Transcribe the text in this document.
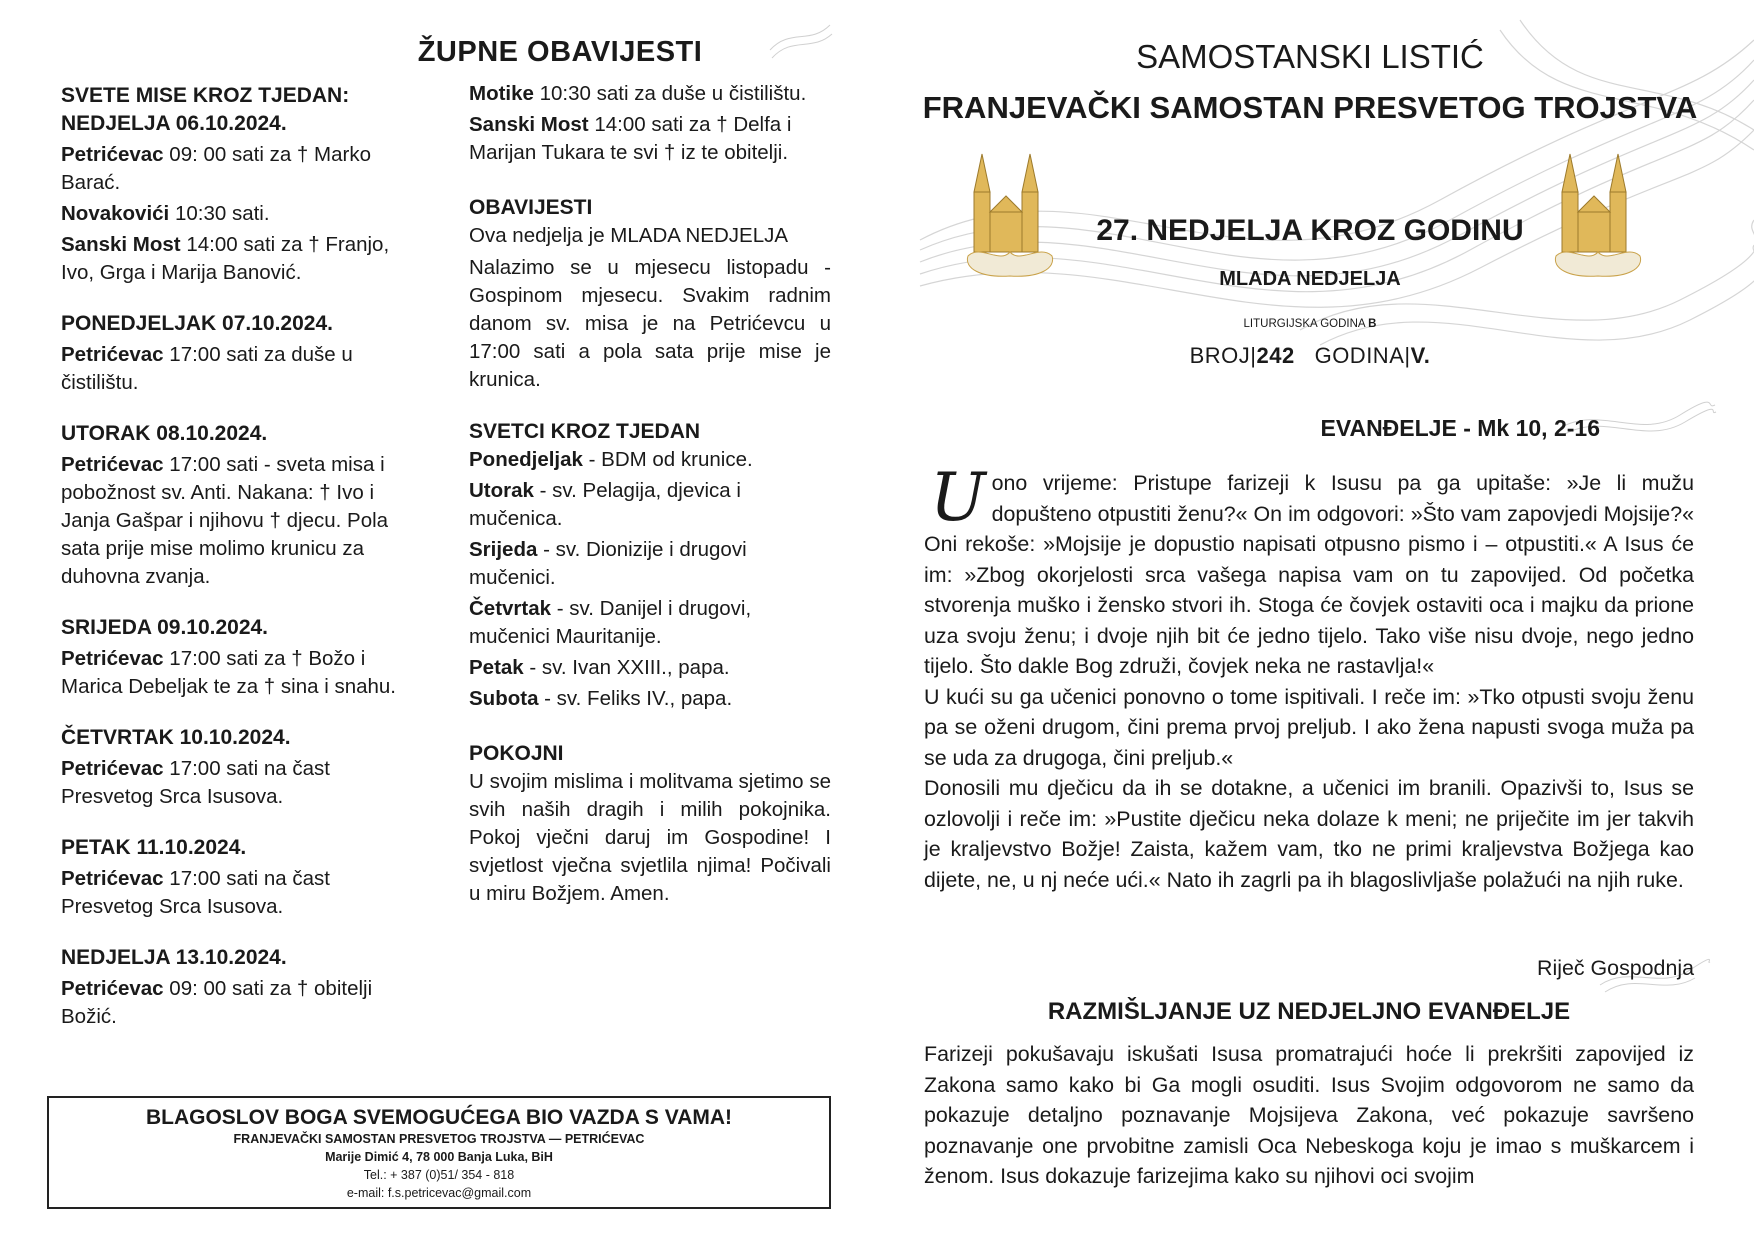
ŽUPNE OBAVIJESTI

SVETE MISE KROZ TJEDAN:

NEDJELJA 06.10.2024.

Petrićevac 09: 00 sati za † Marko Barać.

Novakovići 10:30 sati.

Sanski Most 14:00 sati za † Franjo, Ivo, Grga i Marija Banović.

PONEDJELJAK 07.10.2024.

Petrićevac 17:00 sati za duše u čistilištu.

UTORAK 08.10.2024.

Petrićevac 17:00 sati - sveta misa i pobožnost sv. Anti. Nakana: † Ivo i Janja Gašpar i njihovu † djecu. Pola sata prije mise molimo krunicu za duhovna zvanja.

SRIJEDA 09.10.2024.

Petrićevac 17:00 sati za † Božo i Marica Debeljak te za † sina i snahu.

ČETVRTAK 10.10.2024.

Petrićevac 17:00 sati na čast Presvetog Srca Isusova.

PETAK 11.10.2024.

Petrićevac 17:00 sati na čast Presvetog Srca Isusova.

NEDJELJA 13.10.2024.

Petrićevac 09: 00 sati za † obitelji Božić.

Motike 10:30 sati za duše u čistilištu.

Sanski Most 14:00 sati za † Delfa i Marijan Tukara te svi † iz te obitelji.

OBAVIJESTI

Ova nedjelja je MLADA NEDJELJA

Nalazimo se u mjesecu listopadu - Gospinom mjesecu. Svakim radnim danom sv. misa je na Petrićevcu u 17:00 sati a pola sata prije mise je krunica.

SVETCI KROZ TJEDAN

Ponedjeljak - BDM od krunice.

Utorak - sv. Pelagija, djevica i mučenica.

Srijeda - sv. Dionizije i drugovi mučenici.

Četvrtak - sv. Danijel i drugovi, mučenici Mauritanije.

Petak - sv. Ivan XXIII., papa.

Subota - sv. Feliks IV., papa.

POKOJNI

U svojim mislima i molitvama sjetimo se svih naših dragih i milih pokojnika. Pokoj vječni daruj im Gospodine! I svjetlost vječna svjetlila njima! Počivali u miru Božjem. Amen.

BLAGOSLOV BOGA SVEMOGUĆEGA BIO VAZDA S VAMA!
FRANJEVAČKI SAMOSTAN PRESVETOG TROJSTVA — PETRIĆEVAC
Marije Dimić 4, 78 000 Banja Luka, BiH
Tel.: + 387 (0)51/ 354 - 818
e-mail: f.s.petricevac@gmail.com
SAMOSTANSKI LISTIĆ
FRANJEVAČKI SAMOSTAN PRESVETOG TROJSTVA
27. NEDJELJA KROZ GODINU
MLADA NEDJELJA
LITURGIJSKA GODINA B
BROJ|242 GODINA|V.
EVANĐELJE - Mk 10, 2-16

Uono vrijeme: Pristupe farizeji k Isusu pa ga upitaše: »Je li mužu dopušteno otpustiti ženu?« On im odgovori: »Što vam zapovjedi Mojsije?« Oni rekoše: »Mojsije je dopustio napisati otpusno pismo i – otpustiti.« A Isus će im: »Zbog okorjelosti srca vašega napisa vam on tu zapovijed. Od početka stvorenja muško i žensko stvori ih. Stoga će čovjek ostaviti oca i majku da prione uza svoju ženu; i dvoje njih bit će jedno tijelo. Tako više nisu dvoje, nego jedno tijelo. Što dakle Bog združi, čovjek neka ne rastavlja!«

U kući su ga učenici ponovno o tome ispitivali. I reče im: »Tko otpusti svoju ženu pa se oženi drugom, čini prema prvoj preljub. I ako žena napusti svoga muža pa se uda za drugoga, čini preljub.«

Donosili mu dječicu da ih se dotakne, a učenici im branili. Opazivši to, Isus se ozlovolji i reče im: »Pustite dječicu neka dolaze k meni; ne priječite im jer takvih je kraljevstvo Božje! Zaista, kažem vam, tko ne primi kraljevstva Božjega kao dijete, ne, u nj neće ući.« Nato ih zagrli pa ih blagoslivljaše polažući na njih ruke.

Riječ Gospodnja
RAZMIŠLJANJE UZ NEDJELJNO EVANĐELJE
Farizeji pokušavaju iskušati Isusa promatrajući hoće li prekršiti zapovijed iz Zakona samo kako bi Ga mogli osuditi. Isus Svojim odgovorom ne samo da pokazuje detaljno poznavanje Mojsijeva Zakona, već pokazuje savršeno poznavanje one prvobitne zamisli Oca Nebeskoga koju je imao s muškarcem i ženom. Isus dokazuje farizejima kako su njihovi oci svojim
